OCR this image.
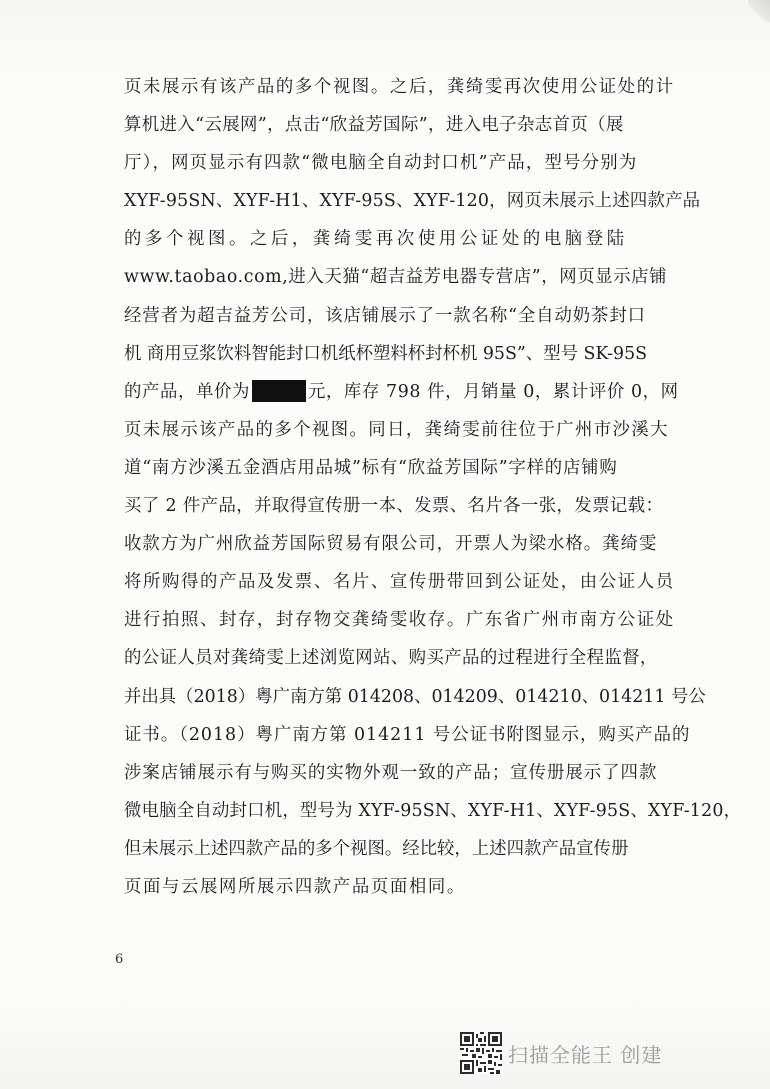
页未展示有该产品的多个视图。之后，龚绮雯再次使用公证处的计
算机进入“云展网”，点击“欣益芳国际”，进入电子杂志首页（展
厅），网页显示有四款“微电脑全自动封口机”产品，型号分别为
XYF-95SN、XYF-H1、XYF-95S、XYF-120，网页未展示上述四款产品
的多个视图。之后，龚绮雯再次使用公证处的电脑登陆
www.taobao.com,进入天猫“超吉益芳电器专营店”，网页显示店铺
经营者为超吉益芳公司，该店铺展示了一款名称“全自动奶茶封口
机 商用豆浆饮料智能封口机纸杯塑料杯封杯机 95S”、型号 SK-95S
的产品，单价为	元，库存 798 件，月销量 0，累计评价 0，网
页未展示该产品的多个视图。同日，龚绮雯前往位于广州市沙溪大
道“南方沙溪五金酒店用品城”标有“欣益芳国际”字样的店铺购
买了 2 件产品，并取得宣传册一本、发票、名片各一张，发票记载：
收款方为广州欣益芳国际贸易有限公司，开票人为梁水格。龚绮雯
将所购得的产品及发票、名片、宣传册带回到公证处，由公证人员
进行拍照、封存，封存物交龚绮雯收存。广东省广州市南方公证处
的公证人员对龚绮雯上述浏览网站、购买产品的过程进行全程监督，
并出具（2018）粤广南方第 014208、014209、014210、014211 号公
证书。（2018）粤广南方第 014211 号公证书附图显示，购买产品的
涉案店铺展示有与购买的实物外观一致的产品；宣传册展示了四款
微电脑全自动封口机，型号为 XYF-95SN、XYF-H1、XYF-95S、XYF-120，
但未展示上述四款产品的多个视图。经比较，上述四款产品宣传册
页面与云展网所展示四款产品页面相同。
6
扫描全能王 创建
